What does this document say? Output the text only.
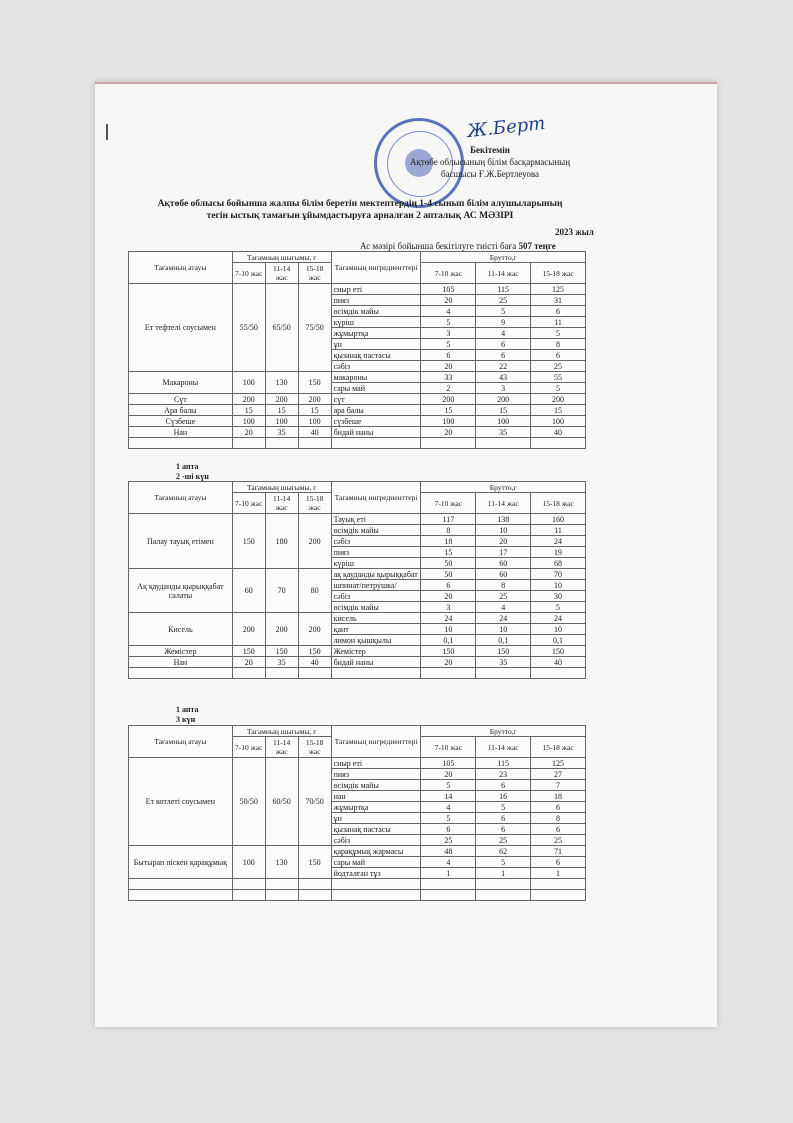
Ж.Берт
Бекітемін
Ақтөбе облысының білім басқармасының
басшысы Ғ.Ж.Бертлеуова
Ақтөбе облысы бойынша жалпы білім беретін мектептердің 1-4 сынып білім алушыларының
тегін ыстық тамағын ұйымдастыруға арналған 2 апталық АС МӘЗІРІ
2023 жыл
Ас мәзірі бойынша бекітілуге тиісті баға 507 теңге
Тағамның атауы	Тағамның шығымы, г			Тағамның ингредиенттері	Брутто,г		
	7-10 жас	11-14 жас	15-18 жас		7-10 жас	11-14 жас	15-18 жас
Ет тефтелі соусымен	55/50	65/50	75/50	сиыр еті	105	115	125
				пияз	20	25	31
				өсімдік майы	4	5	6
				күріш	5	9	11
				жұмыртқа	3	4	5
				ұн	5	6	8
				қызанақ пастасы	6	6	6
				сәбіз	20	22	25
Макароны	100	130	150	макароны	33	43	55
				сары май	2	3	5
Сүт	200	200	200	сүт	200	200	200
Ара балы	15	15	15	ара балы	15	15	15
Сүзбеше	100	100	100	сүзбеше	100	100	100
Нан	20	35	40	бидай наны	20	35	40

1 апта
2 -ші күн
Тағамның атауы	Тағамның шығымы, г			Тағамның ингредиенттері	Брутто,г		
	7-10 жас	11-14 жас	15-18 жас		7-10 жас	11-14 жас	15-18 жас
Палау тауық етімен	150	180	200	Тауық еті	117	138	160
				өсімдік майы	8	10	11
				сәбіз	18	20	24
				пияз	15	17	19
				күріш	50	60	68
Ақ қауданды қырыққабат салаты	60	70	80	ақ қауданды қырыққабат	50	60	70
				шпинат/петрушка/	6	8	10
				сәбіз	20	25	30
				өсімдік майы	3	4	5
Кисель	200	200	200	кисель	24	24	24
				қант	10	10	10
				лимон қышқылы	0,1	0,1	0,1
Жемістер	150	150	150	Жемістер	150	150	150
Нан	20	35	40	бидай наны	20	35	40

1 апта
3 күн
Тағамның атауы	Тағамның шығымы, г			Тағамның ингредиенттері	Брутто,г		
	7-10 жас	11-14 жас	15-18 жас		7-10 жас	11-14 жас	15-18 жас
Ет котлеті соусымен	50/50	60/50	70/50	сиыр еті	105	115	125
				пияз	20	23	27
				өсімдік майы	5	6	7
				нан	14	16	18
				жұмыртқа	4	5	6
				ұн	5	6	8
				қызанақ пастасы	6	6	6
				сәбіз	25	25	25
Бытырап піскен қарақұмық	100	130	150	қарақұмық жармасы	48	62	71
				сары май	4	5	6
				йодталған тұз	1	1	1
